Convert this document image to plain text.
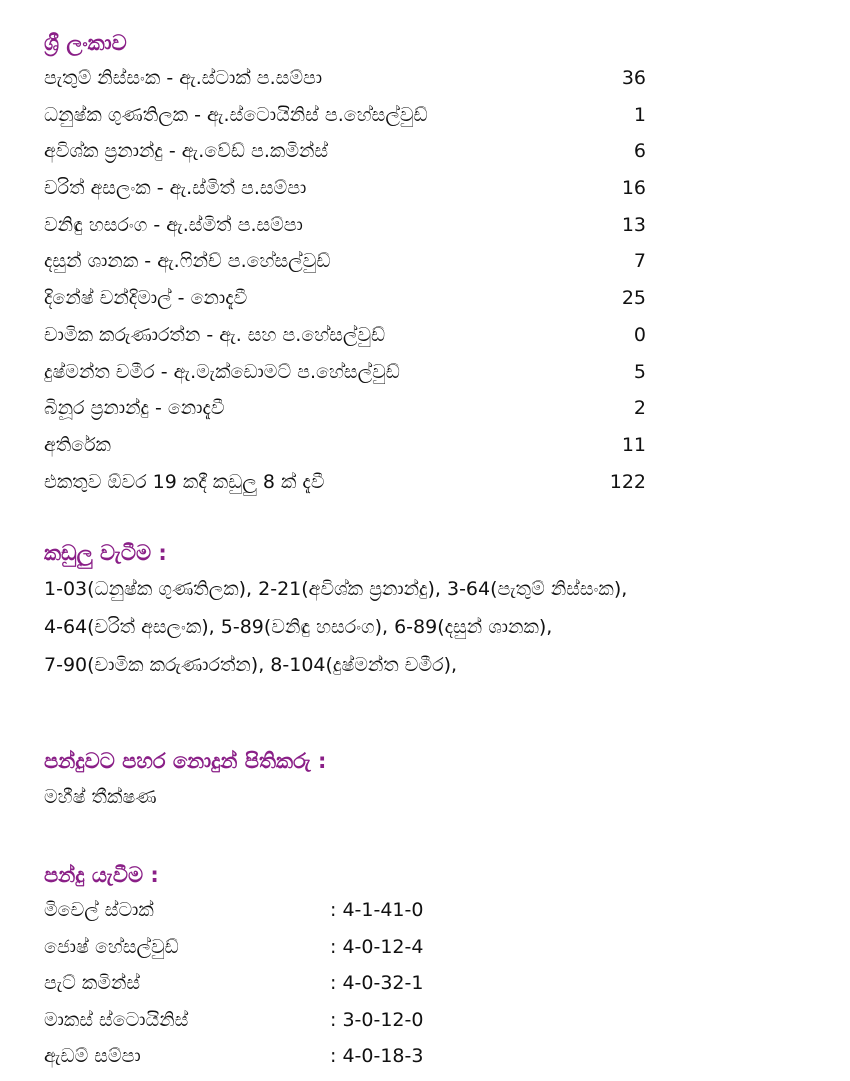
ශ්‍රී ලංකාව
පැතුම් නිස්සංක - ඇ.ස්ටාක් ප.සම්පා	36
ධනුෂ්ක ගුණතිලක - ඇ.ස්ටොයිනිස් ප.හේසල්වුඩ්	1
අවිශ්ක ප්‍රනාන්දු - ඇ.වේඩ් ප.කමින්ස්	6
චරිත් අසලංක - ඇ.ස්මිත් ප.සම්පා	16
වනිඳු හසරංග - ඇ.ස්මිත් ප.සම්පා	13
දසුන් ශානක - ඇ.ෆින්ච් ප.හේසල්වුඩ්	7
දිනේෂ් චන්දිමාල් - නොදැවී	25
චාමික කරුණාරත්න - ඇ. සහ ප.හේසල්වුඩ්	0
දුෂ්මන්ත චමීර - ඇ.මැක්ඩොමට් ප.හේසල්වුඩ්	5
බිනූර ප්‍රනාන්දු - නොදැවී	2
අතිරේක	11
එකතුව ඕවර 19 කදී කඩුලු 8 ක් දැවී	122
කඩුලු වැටීම :
1-03(ධනුෂ්ක ගුණතිලක), 2-21(අවිශ්ක ප්‍රනාන්දු), 3-64(පැතුම් නිස්සංක),
4-64(චරිත් අසලංක), 5-89(වනිඳු හසරංග), 6-89(දසුන් ශානක),
7-90(චාමික කරුණාරත්න), 8-104(දුෂ්මන්ත චමීර),
පන්දුවට පහර නොදුන් පිතිකරු :
මහීෂ් තීක්ෂණ
පන්දු යැවීම :
මිචෙල් ස්ටාක්	: 4-1-41-0
ජොෂ් හේසල්වුඩ්	: 4-0-12-4
පැට් කමින්ස්	: 4-0-32-1
මාකස් ස්ටොයිනිස්	: 3-0-12-0
ඇඩම් සම්පා	: 4-0-18-3
